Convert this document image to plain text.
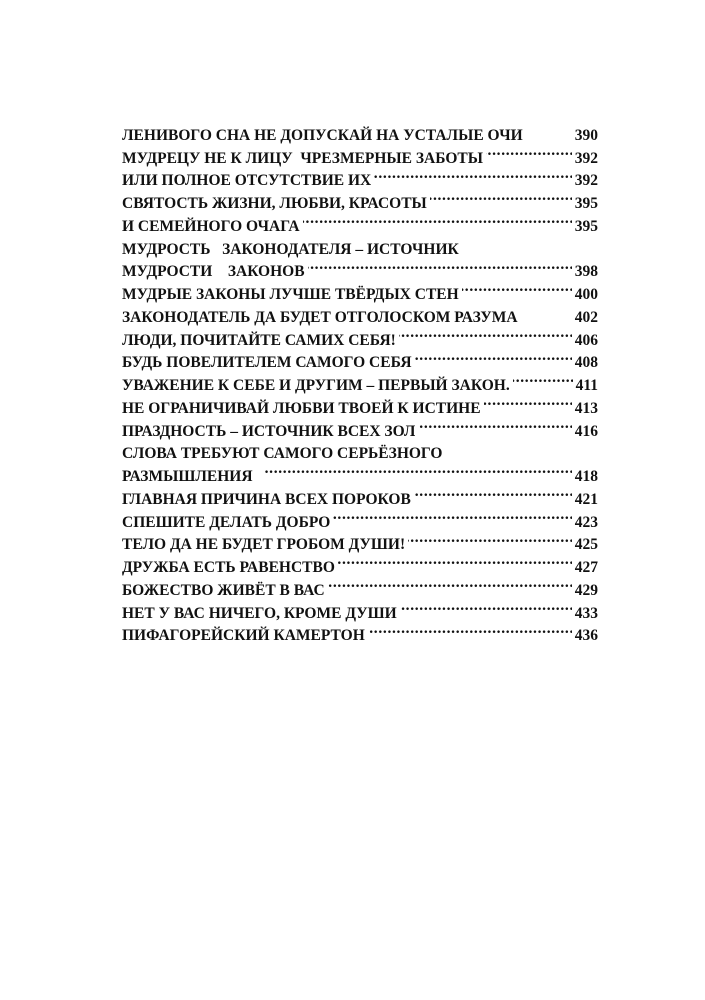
ЛЕНИВОГО СНА НЕ ДОПУСКАЙ НА УСТАЛЫЕ ОЧИ	390
МУДРЕЦУ НЕ К ЛИЦУ  ЧРЕЗМЕРНЫЕ ЗАБОТЫ . . .	392
ИЛИ ПОЛНОЕ ОТСУТСТВИЕ ИХ . . .	392
СВЯТОСТЬ ЖИЗНИ, ЛЮБВИ, КРАСОТЫ . . .	395
И СЕМЕЙНОГО ОЧАГА . . .	395
МУДРОСТЬ   ЗАКОНОДАТЕЛЯ – ИСТОЧНИК
МУДРОСТИ    ЗАКОНОВ . . .	398
МУДРЫЕ ЗАКОНЫ ЛУЧШЕ ТВЁРДЫХ СТЕН . . .	400
ЗАКОНОДАТЕЛЬ ДА БУДЕТ ОТГОЛОСКОМ РАЗУМА	402
ЛЮДИ, ПОЧИТАЙТЕ САМИХ СЕБЯ! . . .	406
БУДЬ ПОВЕЛИТЕЛЕМ САМОГО СЕБЯ . . .	408
УВАЖЕНИЕ К СЕБЕ И ДРУГИМ – ПЕРВЫЙ ЗАКОН. . . .	411
НЕ ОГРАНИЧИВАЙ ЛЮБВИ ТВОЕЙ К ИСТИНЕ . . .	413
ПРАЗДНОСТЬ – ИСТОЧНИК ВСЕХ ЗОЛ . . .	416
СЛОВА ТРЕБУЮТ САМОГО СЕРЬЁЗНОГО
РАЗМЫШЛЕНИЯ . . .	418
ГЛАВНАЯ ПРИЧИНА ВСЕХ ПОРОКОВ . . .	421
СПЕШИТЕ ДЕЛАТЬ ДОБРО . . .	423
ТЕЛО ДА НЕ БУДЕТ ГРОБОМ ДУШИ! . . .	425
ДРУЖБА ЕСТЬ РАВЕНСТВО . . .	427
БОЖЕСТВО ЖИВЁТ В ВАС . . .	429
НЕТ У ВАС НИЧЕГО, КРОМЕ ДУШИ . . .	433
ПИФАГОРЕЙСКИЙ КАМЕРТОН . . .	436
